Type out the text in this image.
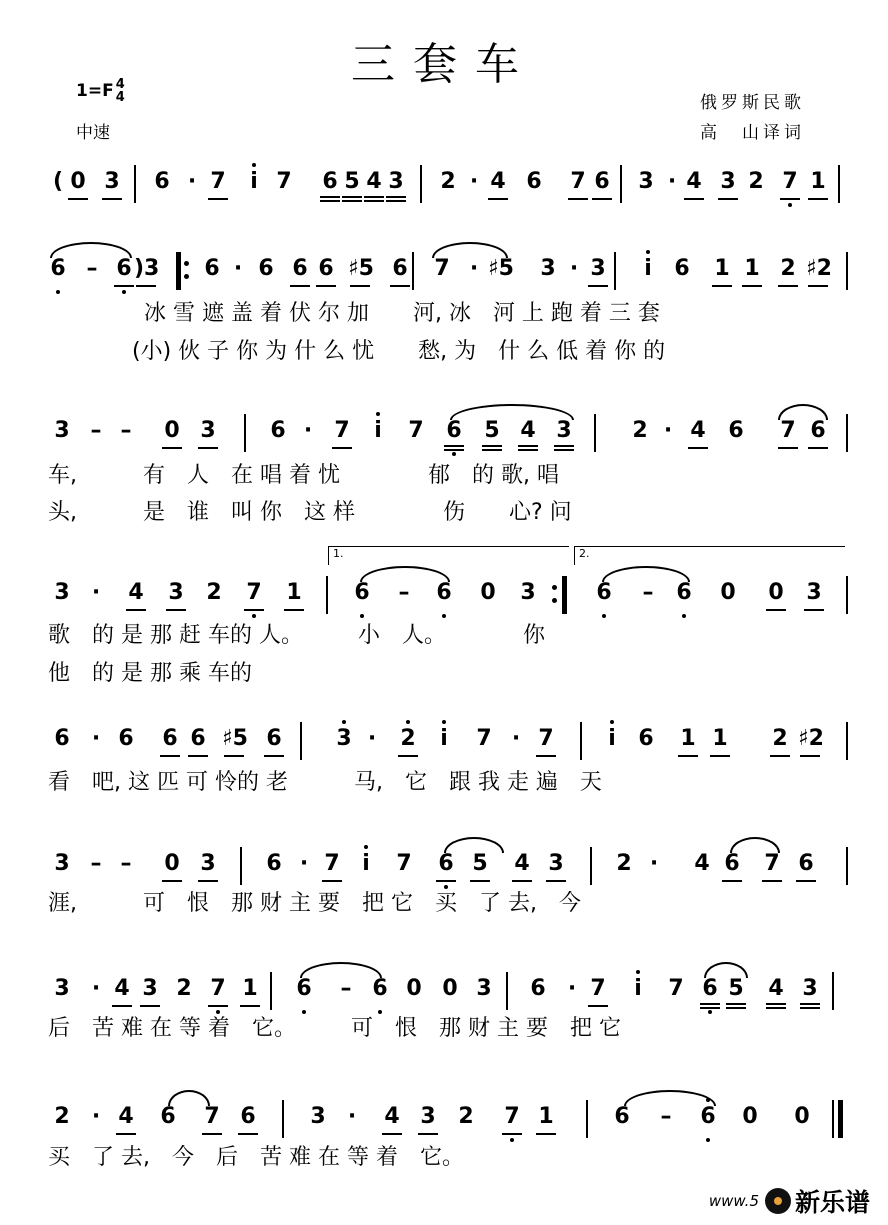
三套车
1=F 4
4
中速
俄罗斯民歌
高　山译词
( 0 3 6 · 7	i 7 6 5 4 3 2 · 4 6 7 6 3 · 4 3 2 7 1
6 – 6 )3 6 · 6 6 6 ♯5 6 7 · ♯5 3 · 3	i	6 1 1 2 ♯2
3 – – 0 3 6 ·	7	i	7 6 5 4 3	2 · 4 6 7 6
3	·	4 3 2 7 1 6 – 6 0 3	6 – 6 0 0 3
6	· 6 6 6 ♯5 6 3 ·	2	i	7 · 7	i	6 1 1 2 ♯2
3 – – 0 3 6 · 7	i	7 6 5 4 3 2 ·	4 6 7 6
3	· 4 3 2 7 1 6 – 6 0 0 3 6	· 7	i	7 6 5 4 3
2	· 4 6 7 6 3	·	4 3 2 7 1	6 – 6 0 0
冰 雪 遮 盖 着 伏 尔 加　　河, 冰　河 上 跑 着 三 套
(小) 伙 子 你 为 什 么 忧　　愁, 为　什 么 低 着 你 的
车,　　　有　人　在 唱 着 忧　　　　郁　的 歌, 唱
头,　　　是　谁　叫 你　这 样　　　　伤　　心? 问
歌　的 是 那 赶 车的 人。　　　小　人。　　　　你
他　的 是 那 乘 车的
看　吧, 这 匹 可 怜的 老　　　马,　它　跟 我 走 遍　天
涯,　　　可　恨　那 财 主 要　把 它　买　了 去,　今
后　苦 难 在 等 着　它。　　　可　恨　那 财 主 要　把 它
买　了 去,　今　后　苦 难 在 等 着　它。
1.	2.
www.5 新乐谱
